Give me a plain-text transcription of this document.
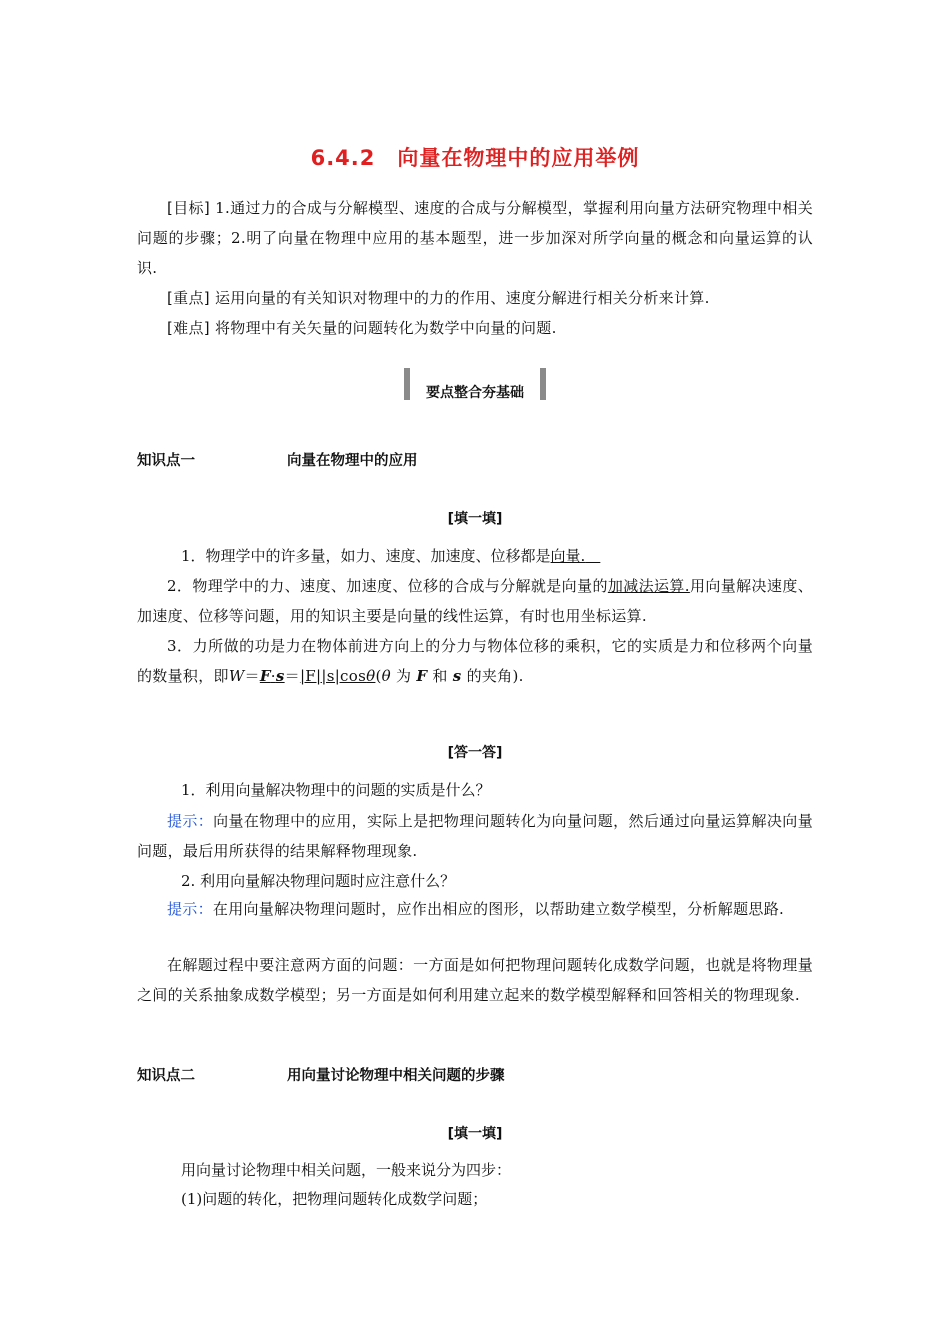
6.4.2　向量在物理中的应用举例
[目标] 1.通过力的合成与分解模型、速度的合成与分解模型，掌握利用向量方法研究物理中相关问题的步骤；2.明了向量在物理中应用的基本题型，进一步加深对所学向量的概念和向量运算的认识.
[重点] 运用向量的有关知识对物理中的力的作用、速度分解进行相关分析来计算.
[难点] 将物理中有关矢量的问题转化为数学中向量的问题.
要点整合夯基础
知识点一	向量在物理中的应用
[填一填]
1．物理学中的许多量，如力、速度、加速度、位移都是向量. 
2．物理学中的力、速度、加速度、位移的合成与分解就是向量的加减法运算.用向量解决速度、加速度、位移等问题，用的知识主要是向量的线性运算，有时也用坐标运算.
3．力所做的功是力在物体前进方向上的分力与物体位移的乘积，它的实质是力和位移两个向量的数量积，即W＝F·s＝|F||s|cosθ(θ 为 F 和 s 的夹角).
[答一答]
1．利用向量解决物理中的问题的实质是什么？
提示：向量在物理中的应用，实际上是把物理问题转化为向量问题，然后通过向量运算解决向量问题，最后用所获得的结果解释物理现象.
2. 利用向量解决物理问题时应注意什么？
提示：在用向量解决物理问题时，应作出相应的图形，以帮助建立数学模型，分析解题思路.
在解题过程中要注意两方面的问题：一方面是如何把物理问题转化成数学问题，也就是将物理量之间的关系抽象成数学模型；另一方面是如何利用建立起来的数学模型解释和回答相关的物理现象.
知识点二	用向量讨论物理中相关问题的步骤
[填一填]
用向量讨论物理中相关问题，一般来说分为四步：
(1)问题的转化，把物理问题转化成数学问题；
